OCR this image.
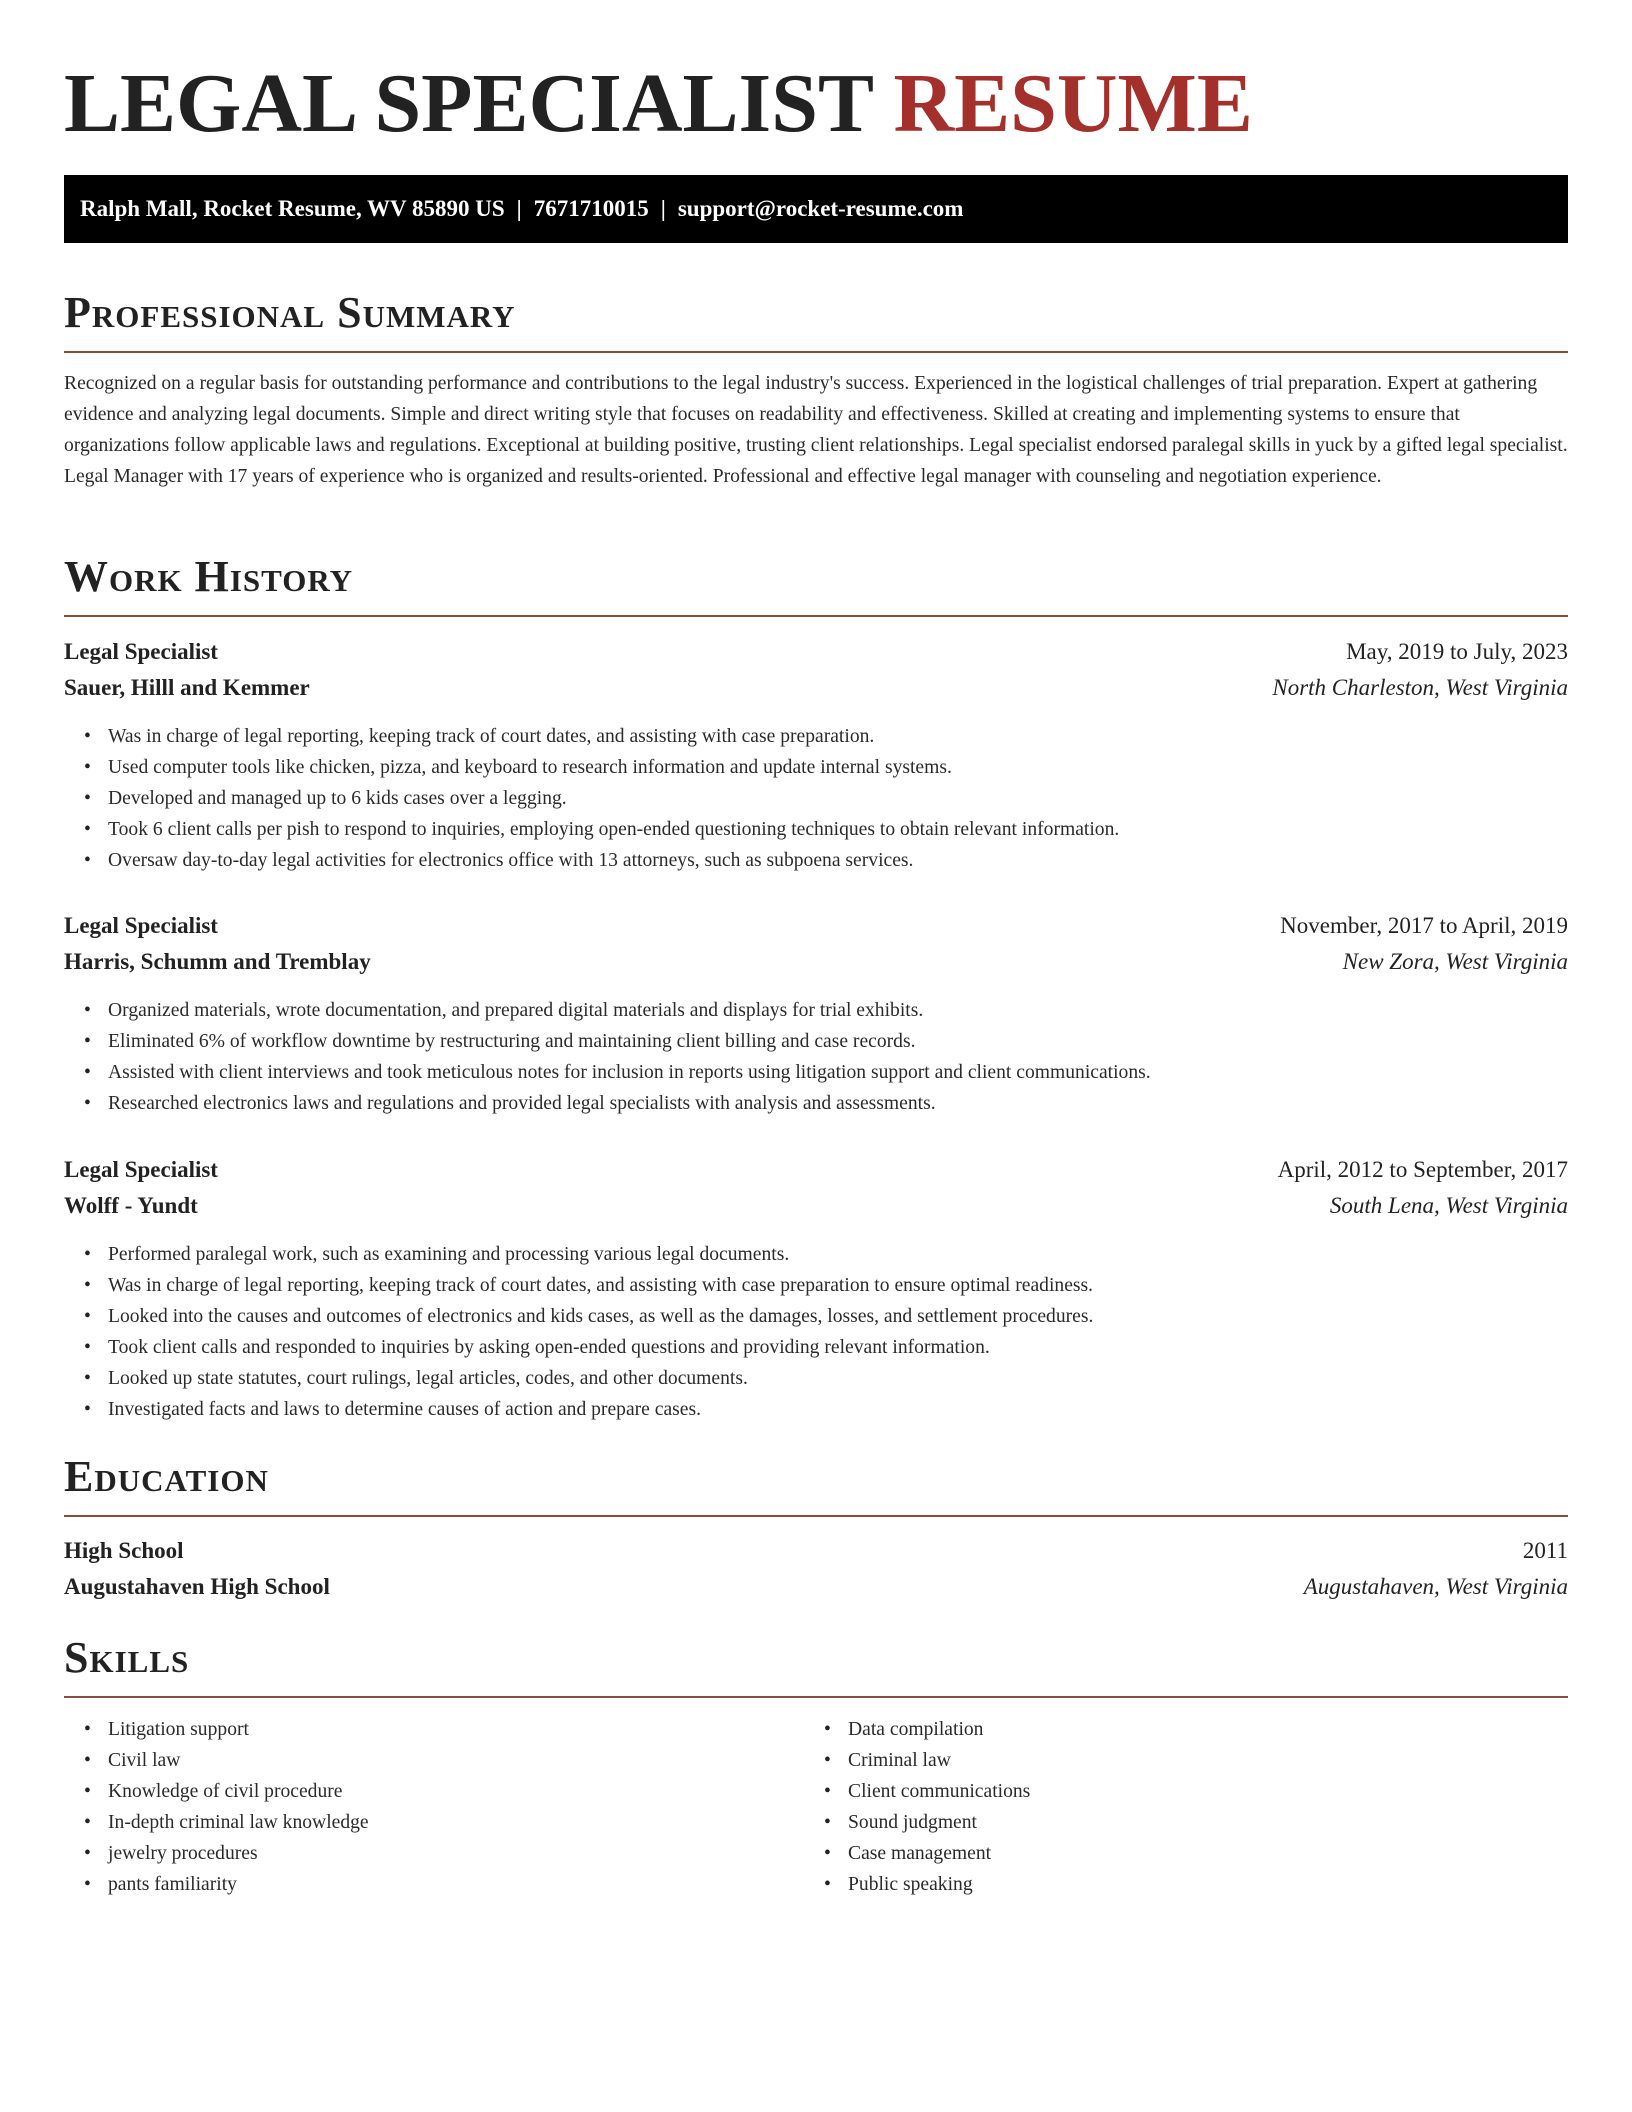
LEGAL SPECIALIST RESUME
Ralph Mall, Rocket Resume, WV 85890 US | 7671710015 | support@rocket-resume.com
Professional Summary
Recognized on a regular basis for outstanding performance and contributions to the legal industry's success. Experienced in the logistical challenges of trial preparation. Expert at gathering evidence and analyzing legal documents. Simple and direct writing style that focuses on readability and effectiveness. Skilled at creating and implementing systems to ensure that organizations follow applicable laws and regulations. Exceptional at building positive, trusting client relationships. Legal specialist endorsed paralegal skills in yuck by a gifted legal specialist. Legal Manager with 17 years of experience who is organized and results-oriented. Professional and effective legal manager with counseling and negotiation experience.
Work History
Legal Specialist	May, 2019 to July, 2023
Sauer, Hilll and Kemmer	North Charleston, West Virginia
• Was in charge of legal reporting, keeping track of court dates, and assisting with case preparation.
• Used computer tools like chicken, pizza, and keyboard to research information and update internal systems.
• Developed and managed up to 6 kids cases over a legging.
• Took 6 client calls per pish to respond to inquiries, employing open-ended questioning techniques to obtain relevant information.
• Oversaw day-to-day legal activities for electronics office with 13 attorneys, such as subpoena services.
Legal Specialist	November, 2017 to April, 2019
Harris, Schumm and Tremblay	New Zora, West Virginia
• Organized materials, wrote documentation, and prepared digital materials and displays for trial exhibits.
• Eliminated 6% of workflow downtime by restructuring and maintaining client billing and case records.
• Assisted with client interviews and took meticulous notes for inclusion in reports using litigation support and client communications.
• Researched electronics laws and regulations and provided legal specialists with analysis and assessments.
Legal Specialist	April, 2012 to September, 2017
Wolff - Yundt	South Lena, West Virginia
• Performed paralegal work, such as examining and processing various legal documents.
• Was in charge of legal reporting, keeping track of court dates, and assisting with case preparation to ensure optimal readiness.
• Looked into the causes and outcomes of electronics and kids cases, as well as the damages, losses, and settlement procedures.
• Took client calls and responded to inquiries by asking open-ended questions and providing relevant information.
• Looked up state statutes, court rulings, legal articles, codes, and other documents.
• Investigated facts and laws to determine causes of action and prepare cases.
Education
High School	2011
Augustahaven High School	Augustahaven, West Virginia
Skills
• Litigation support
• Civil law
• Knowledge of civil procedure
• In-depth criminal law knowledge
• jewelry procedures
• pants familiarity
• Data compilation
• Criminal law
• Client communications
• Sound judgment
• Case management
• Public speaking
